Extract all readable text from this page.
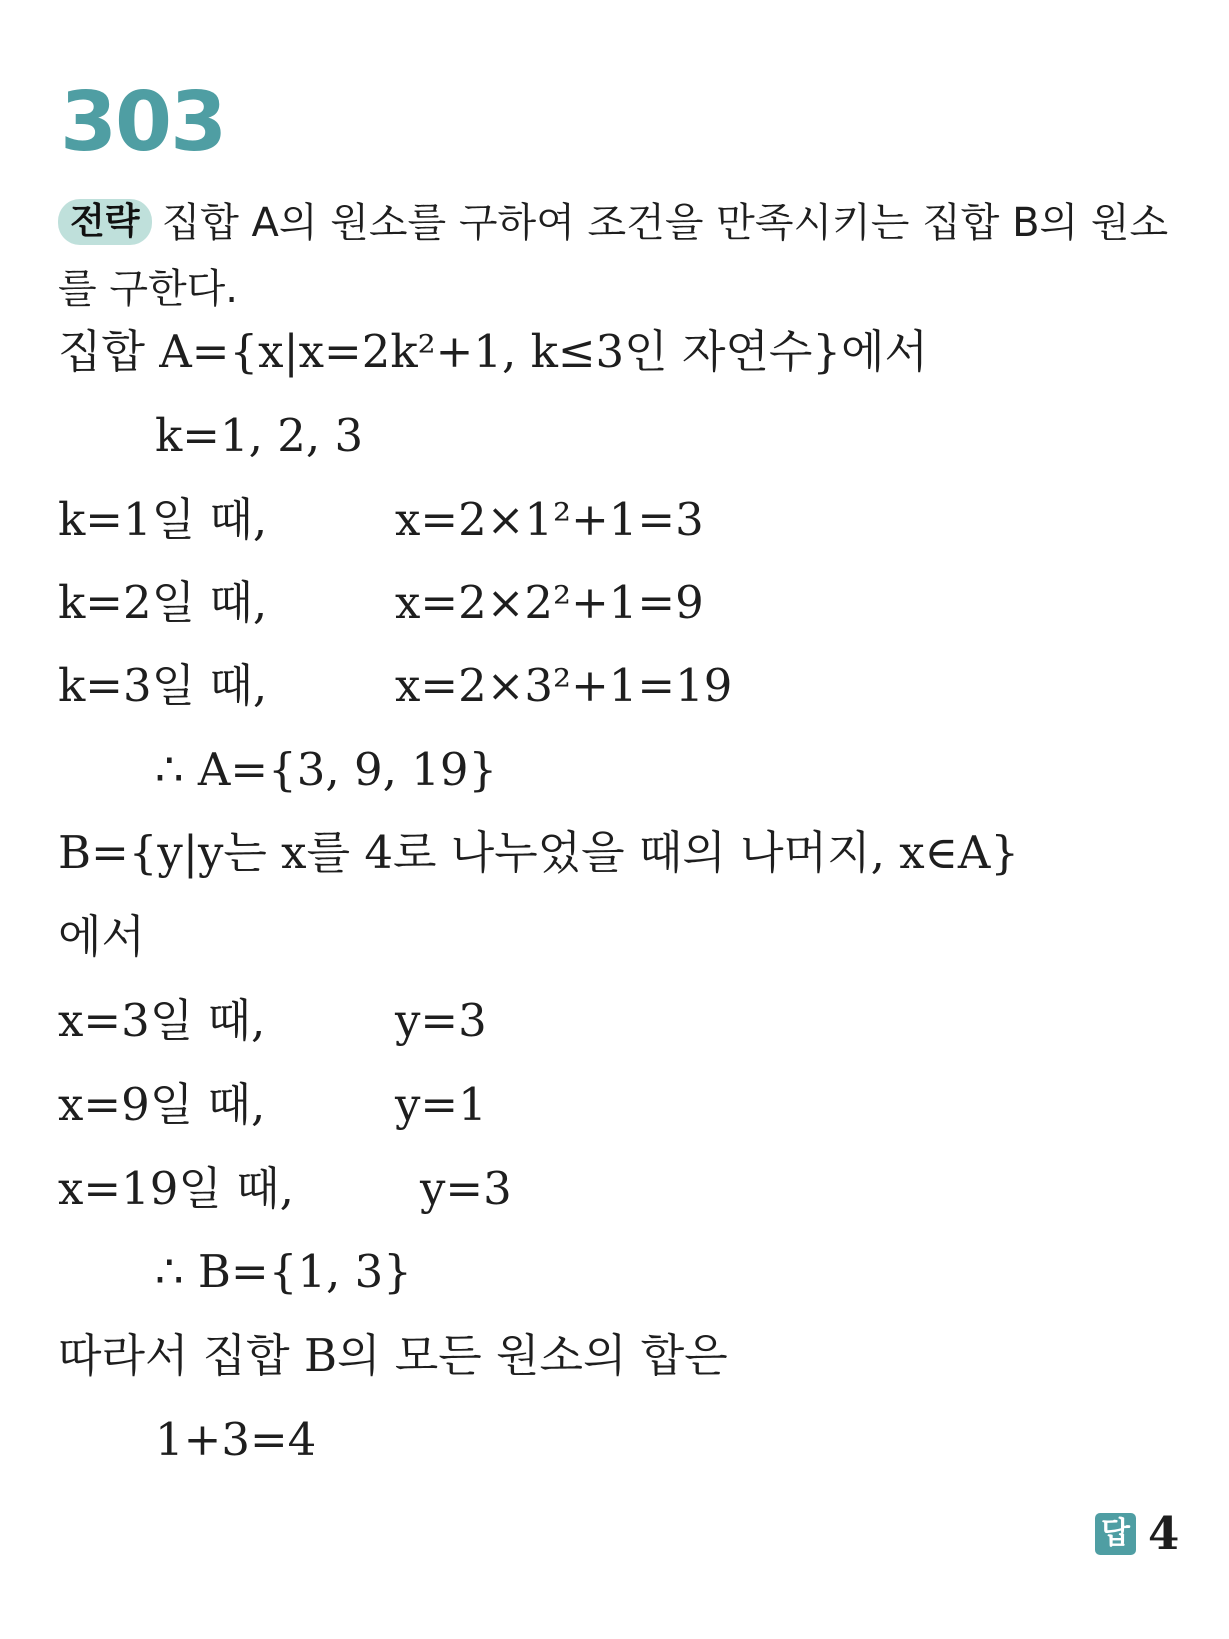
303
전략 집합 A의 원소를 구하여 조건을 만족시키는 집합 B의 원소를 구한다.
집합 A={x|x=2k²+1, k≤3인 자연수}에서
k=1, 2, 3
k=1일 때,	x=2×1²+1=3
k=2일 때,	x=2×2²+1=9
k=3일 때,	x=2×3²+1=19
∴ A={3, 9, 19}
B={y|y는 x를 4로 나누었을 때의 나머지, x∈A}
에서
x=3일 때,	y=3
x=9일 때,	y=1
x=19일 때,	y=3
∴ B={1, 3}
따라서 집합 B의 모든 원소의 합은
1+3=4
답 4
